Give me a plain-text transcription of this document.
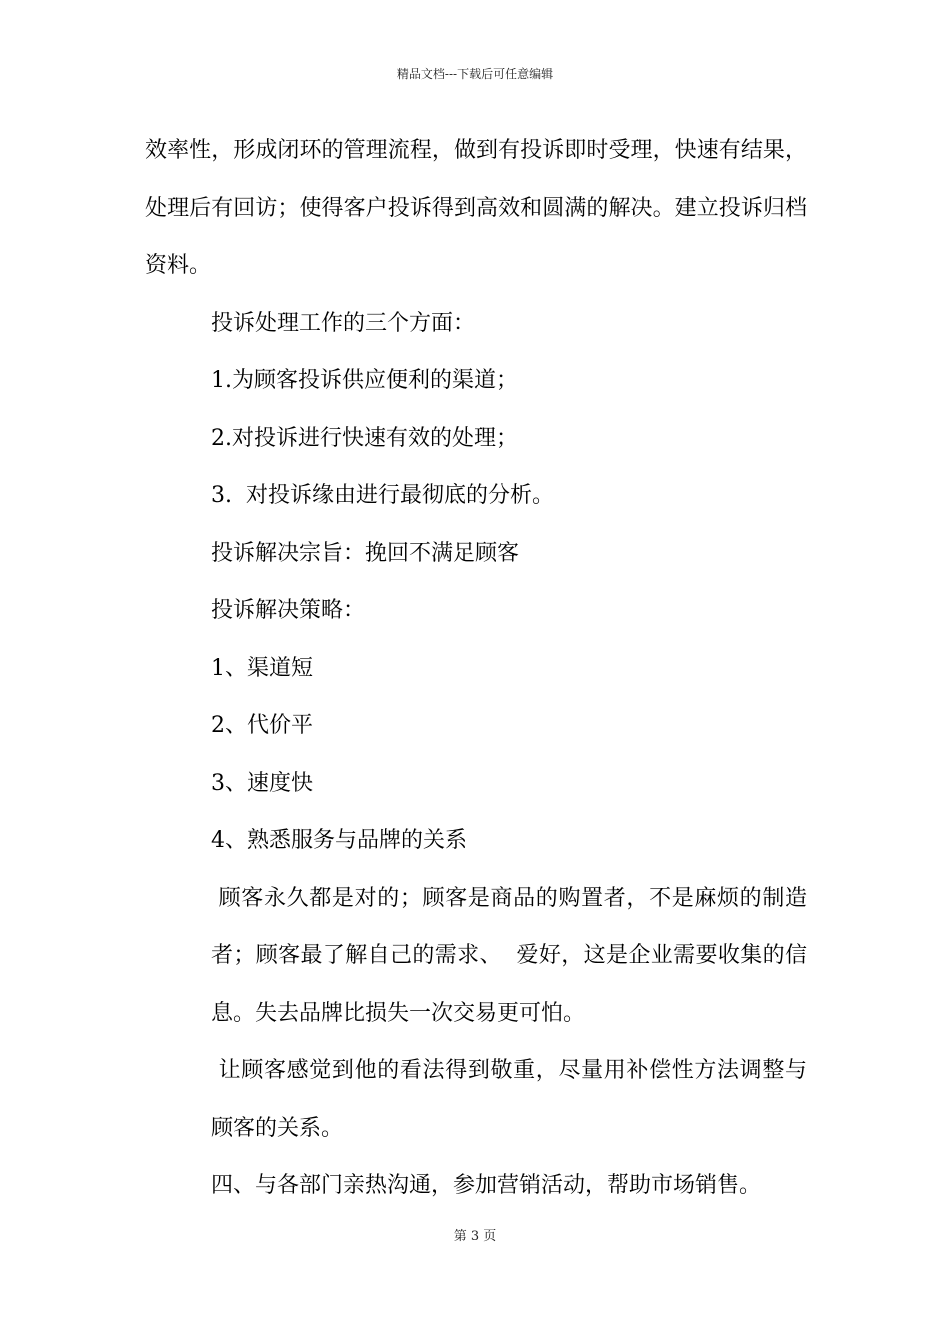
精品文档---下载后可任意编辑

效率性，形成闭环的管理流程，做到有投诉即时受理，快速有结果，处理后有回访；使得客户投诉得到高效和圆满的解决。建立投诉归档资料。

投诉处理工作的三个方面：

1.为顾客投诉供应便利的渠道；

2.对投诉进行快速有效的处理；

3.  对投诉缘由进行最彻底的分析。

投诉解决宗旨：挽回不满足顾客

投诉解决策略：

1、渠道短

2、代价平

3、速度快

4、熟悉服务与品牌的关系

顾客永久都是对的；顾客是商品的购置者，不是麻烦的制造者；顾客最了解自己的需求、  爱好，这是企业需要收集的信息。失去品牌比损失一次交易更可怕。

让顾客感觉到他的看法得到敬重，尽量用补偿性方法调整与顾客的关系。

四、与各部门亲热沟通，参加营销活动，帮助市场销售。

第 3 页
